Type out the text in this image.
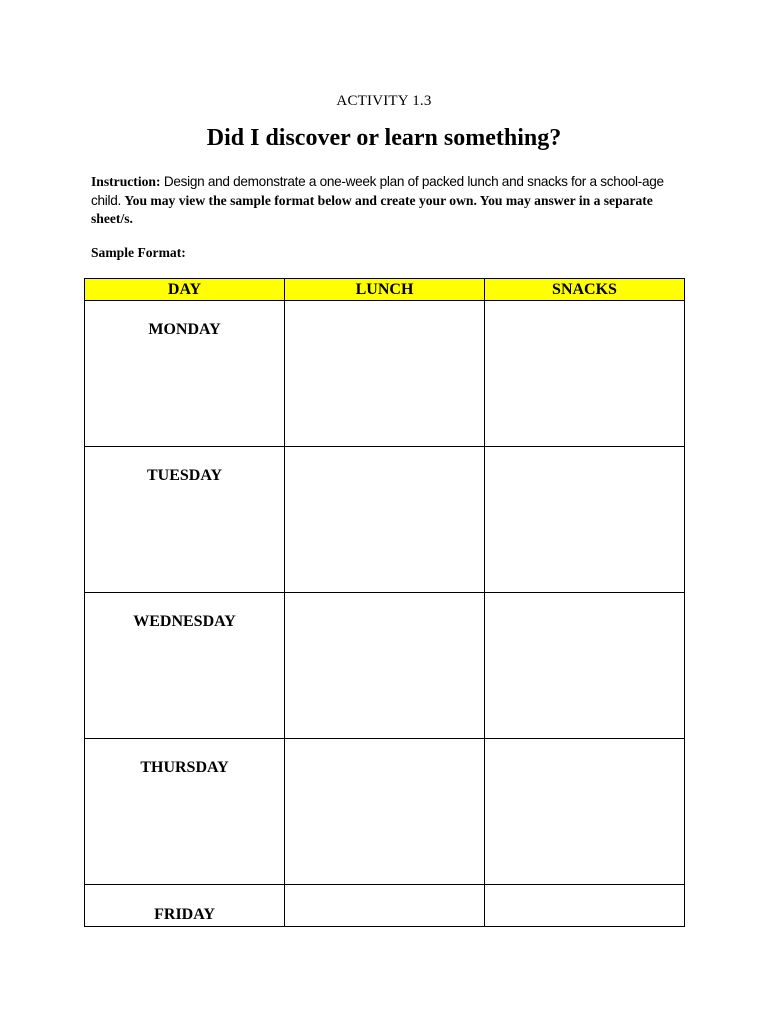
ACTIVITY 1.3
Did I discover or learn something?
Instruction: Design and demonstrate a one-week plan of packed lunch and snacks for a school-age child. You may view the sample format below and create your own. You may answer in a separate sheet/s.
Sample Format:
DAY	LUNCH	SNACKS

MONDAY		

TUESDAY		

WEDNESDAY		

THURSDAY		

FRIDAY		
